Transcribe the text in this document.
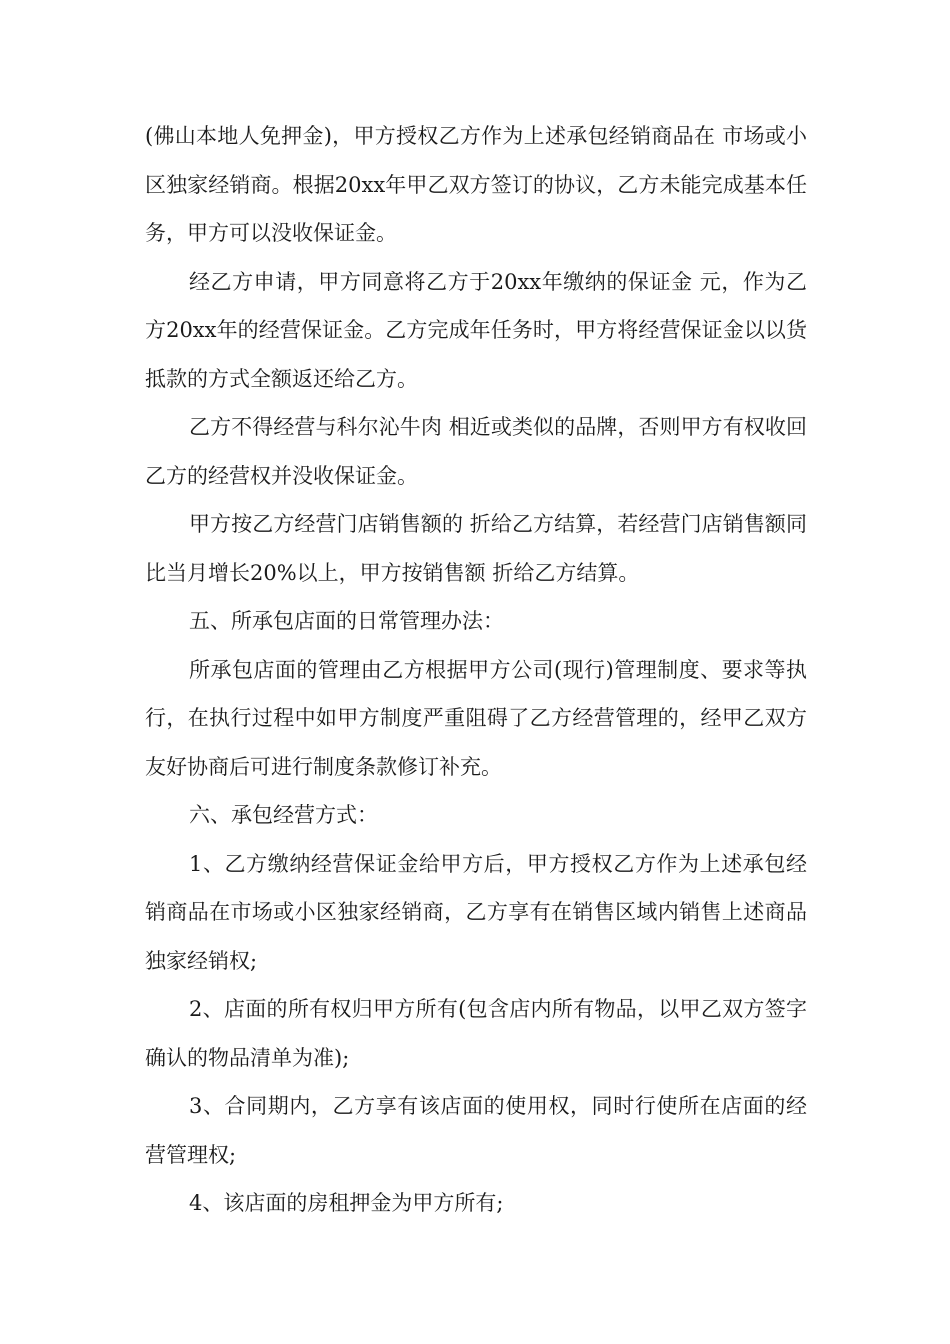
(佛山本地人免押金)，甲方授权乙方作为上述承包经销商品在 市场或小区独家经销商。根据20xx年甲乙双方签订的协议，乙方未能完成基本任务，甲方可以没收保证金。

经乙方申请，甲方同意将乙方于20xx年缴纳的保证金 元，作为乙方20xx年的经营保证金。乙方完成年任务时，甲方将经营保证金以以货抵款的方式全额返还给乙方。

乙方不得经营与科尔沁牛肉 相近或类似的品牌，否则甲方有权收回乙方的经营权并没收保证金。

甲方按乙方经营门店销售额的 折给乙方结算，若经营门店销售额同比当月增长20%以上，甲方按销售额 折给乙方结算。

五、所承包店面的日常管理办法：

所承包店面的管理由乙方根据甲方公司(现行)管理制度、要求等执行，在执行过程中如甲方制度严重阻碍了乙方经营管理的，经甲乙双方友好协商后可进行制度条款修订补充。

六、承包经营方式：

1、乙方缴纳经营保证金给甲方后，甲方授权乙方作为上述承包经销商品在市场或小区独家经销商，乙方享有在销售区域内销售上述商品独家经销权;

2、店面的所有权归甲方所有(包含店内所有物品，以甲乙双方签字确认的物品清单为准);

3、合同期内，乙方享有该店面的使用权，同时行使所在店面的经营管理权;

4、该店面的房租押金为甲方所有;
